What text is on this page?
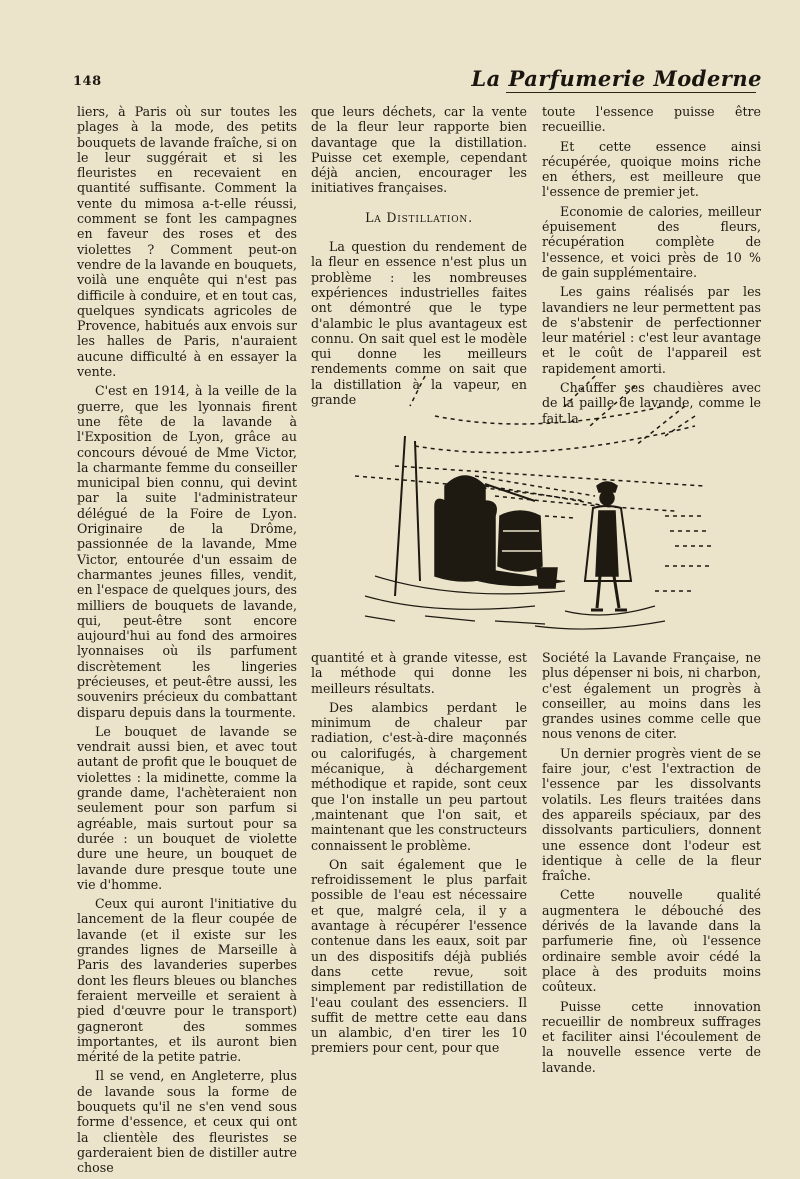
148	La Parfumerie Moderne

liers, à Paris où sur toutes les plages à la mode, des petits bouquets de lavande fraîche, si on le leur suggérait et si les fleuristes en recevaient en quantité suffisante. Comment la vente du mimosa a-t-elle réussi, comment se font les campagnes en faveur des roses et des violettes ? Comment peut-on vendre de la lavande en bouquets, voilà une enquête qui n'est pas difficile à conduire, et en tout cas, quelques syndicats agricoles de Provence, habitués aux envois sur les halles de Paris, n'auraient aucune difficulté à en essayer la vente.

C'est en 1914, à la veille de la guerre, que les lyonnais firent une fête de la lavande à l'Exposition de Lyon, grâce au concours dévoué de Mme Victor, la charmante femme du conseiller municipal bien connu, qui devint par la suite l'administrateur délégué de la Foire de Lyon. Originaire de la Drôme, passionnée de la lavande, Mme Victor, entourée d'un essaim de charmantes jeunes filles, vendit, en l'espace de quelques jours, des milliers de bouquets de lavande, qui, peut-être sont encore aujourd'hui au fond des armoires lyonnaises où ils parfument discrètement les lingeries précieuses, et peut-être aussi, les souvenirs précieux du combattant disparu depuis dans la tourmente.

Le bouquet de lavande se vendrait aussi bien, et avec tout autant de profit que le bouquet de violettes : la midinette, comme la grande dame, l'achèteraient non seulement pour son parfum si agréable, mais surtout pour sa durée : un bouquet de violette dure une heure, un bouquet de lavande dure presque toute une vie d'homme.

Ceux qui auront l'initiative du lancement de la fleur coupée de lavande (et il existe sur les grandes lignes de Marseille à Paris des lavanderies superbes dont les fleurs bleues ou blanches feraient merveille et seraient à pied d'œuvre pour le transport) gagneront des sommes importantes, et ils auront bien mérité de la petite patrie.

Il se vend, en Angleterre, plus de lavande sous la forme de bouquets qu'il ne s'en vend sous forme d'essence, et ceux qui ont la clientèle des fleuristes se garderaient bien de distiller autre chose

que leurs déchets, car la vente de la fleur leur rapporte bien davantage que la distillation. Puisse cet exemple, cependant déjà ancien, encourager les initiatives françaises.

La Distillation.

La question du rendement de la fleur en essence n'est plus un problème : les nombreuses expériences industrielles faites ont démontré que le type d'alambic le plus avantageux est connu. On sait quel est le modèle qui donne les meilleurs rendements comme on sait que la distillation à la vapeur, en grande

toute l'essence puisse être recueillie.

Et cette essence ainsi récupérée, quoique moins riche en éthers, est meilleure que l'essence de premier jet.

Economie de calories, meilleur épuisement des fleurs, récupération complète de l'essence, et voici près de 10 % de gain supplémentaire.

Les gains réalisés par les lavandiers ne leur permettent pas de s'abstenir de perfectionner leur matériel : c'est leur avantage et le coût de l'appareil est rapidement amorti.

Chauffer ses chaudières avec de la paille de lavande, comme le fait la

quantité et à grande vitesse, est la méthode qui donne les meilleurs résultats.

Des alambics perdant le minimum de chaleur par radiation, c'est-à-dire maçonnés ou calorifugés, à chargement mécanique, à déchargement méthodique et rapide, sont ceux que l'on installe un peu partout ,maintenant que l'on sait, et maintenant que les constructeurs connaissent le problème.

On sait également que le refroidissement le plus parfait possible de l'eau est nécessaire et que, malgré cela, il y a avantage à récupérer l'essence contenue dans les eaux, soit par un des dispositifs déjà publiés dans cette revue, soit simplement par redistillation de l'eau coulant des essenciers. Il suffit de mettre cette eau dans un alambic, d'en tirer les 10 premiers pour cent, pour que

Société la Lavande Française, ne plus dépenser ni bois, ni charbon, c'est également un progrès à conseiller, au moins dans les grandes usines comme celle que nous venons de citer.

Un dernier progrès vient de se faire jour, c'est l'extraction de l'essence par les dissolvants volatils. Les fleurs traitées dans des appareils spéciaux, par des dissolvants particuliers, donnent une essence dont l'odeur est identique à celle de la fleur fraîche.

Cette nouvelle qualité augmentera le débouché des dérivés de la lavande dans la parfumerie fine, où l'essence ordinaire semble avoir cédé la place à des produits moins coûteux.

Puisse cette innovation recueillir de nombreux suffrages et faciliter ainsi l'écoulement de la nouvelle essence verte de lavande.
